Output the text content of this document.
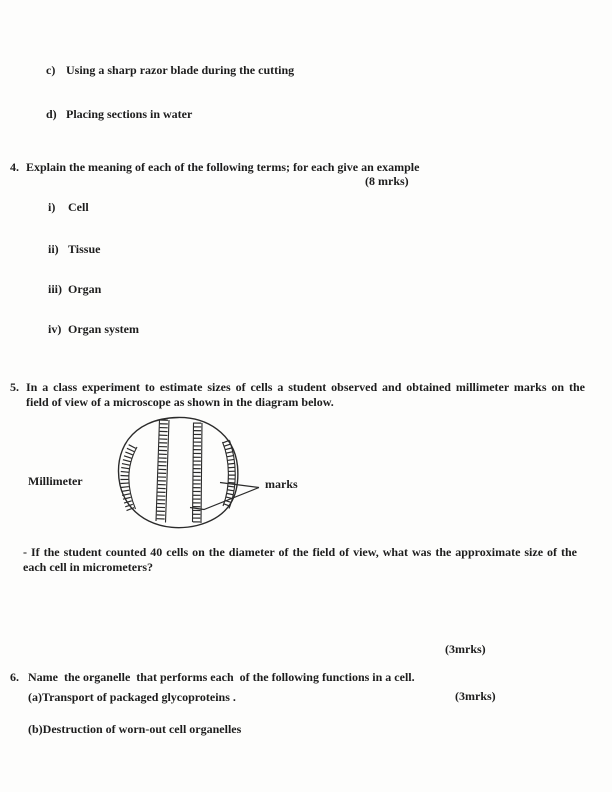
c) Using a sharp razor blade during the cutting
d) Placing sections in water
4. Explain the meaning of each of the following terms; for each give an example
(8 mrks)
i) Cell
ii) Tissue
iii) Organ
iv) Organ system
5. In a class experiment to estimate sizes of cells a student observed and obtained millimeter marks on the
field of view of a microscope as shown in the diagram below.
Millimeter	marks
- If the student counted 40 cells on the diameter of the field of view, what was the approximate size of the
each cell in micrometers?
(3mrks)
6. Name  the organelle  that performs each  of the following functions in a cell.
(a)Transport of packaged glycoproteins .	(3mrks)
(b)Destruction of worn-out cell organelles
